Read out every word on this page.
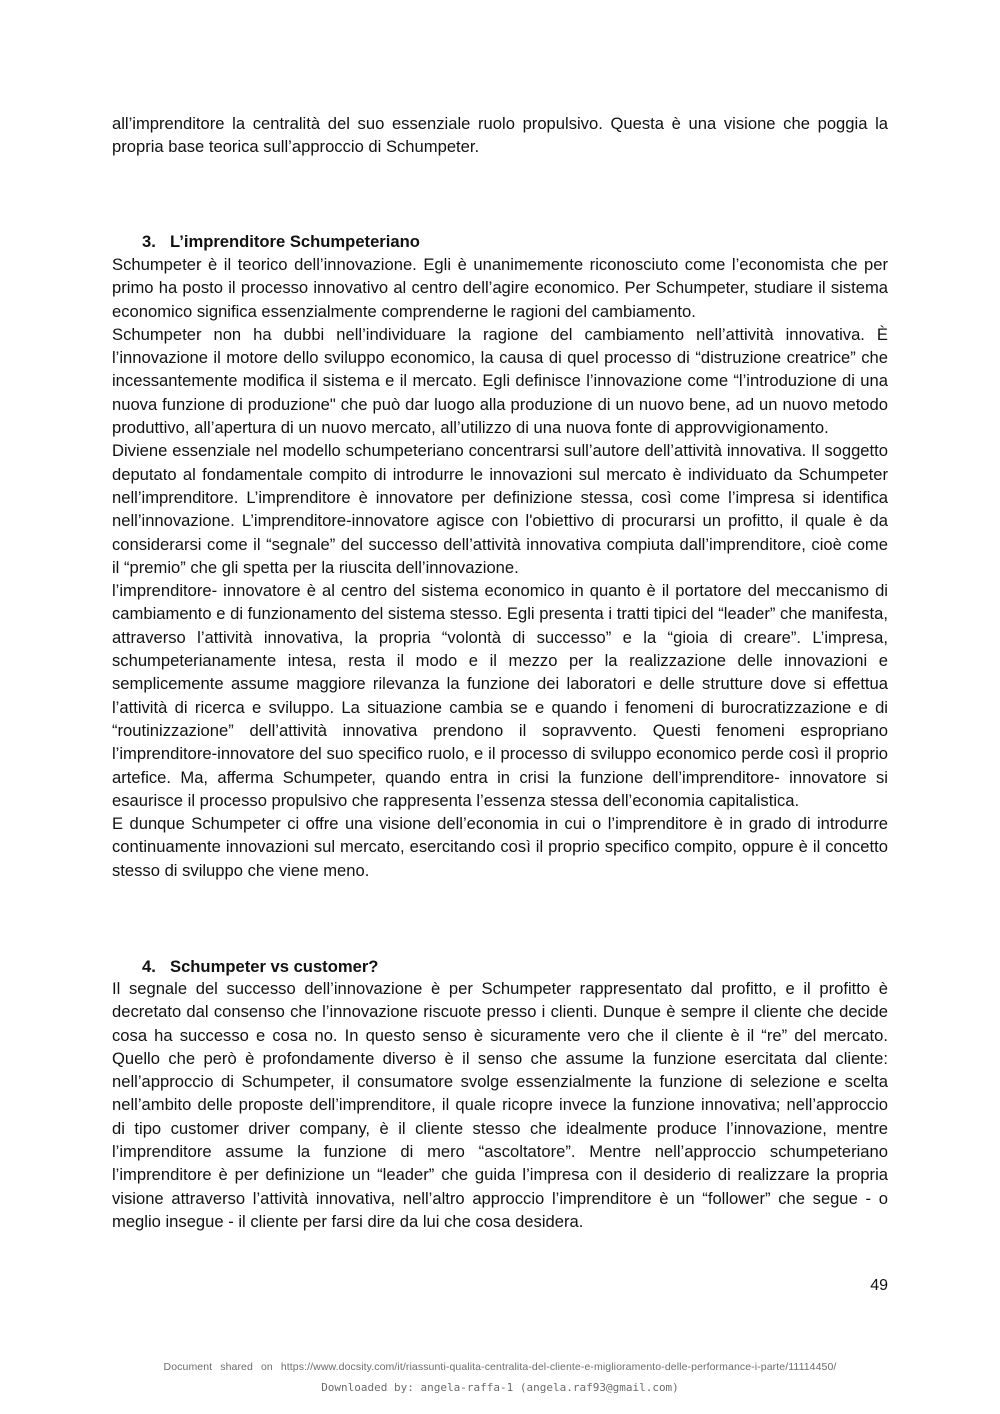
all’imprenditore la centralità del suo essenziale ruolo propulsivo. Questa è una visione che poggia la propria base teorica sull’approccio di Schumpeter.

3. L’imprenditore Schumpeteriano

Schumpeter è il teorico dell’innovazione. Egli è unanimemente riconosciuto come l’economista che per primo ha posto il processo innovativo al centro dell’agire economico. Per Schumpeter, studiare il sistema economico significa essenzialmente comprenderne le ragioni del cambiamento.

Schumpeter non ha dubbi nell’individuare la ragione del cambiamento nell’attività innovativa. È l’innovazione il motore dello sviluppo economico, la causa di quel processo di “distruzione creatrice” che incessantemente modifica il sistema e il mercato. Egli definisce l’innovazione come “l’introduzione di una nuova funzione di produzione" che può dar luogo alla produzione di un nuovo bene, ad un nuovo metodo produttivo, all’apertura di un nuovo mercato, all’utilizzo di una nuova fonte di approvvigionamento.

Diviene essenziale nel modello schumpeteriano concentrarsi sull’autore dell’attività innovativa. Il soggetto deputato al fondamentale compito di introdurre le innovazioni sul mercato è individuato da Schumpeter nell’imprenditore. L’imprenditore è innovatore per definizione stessa, così come l’impresa si identifica nell’innovazione. L’imprenditore-innovatore agisce con l'obiettivo di procurarsi un profitto, il quale è da considerarsi come il “segnale” del successo dell’attività innovativa compiuta dall’imprenditore, cioè come il “premio” che gli spetta per la riuscita dell’innovazione.

l’imprenditore- innovatore è al centro del sistema economico in quanto è il portatore del meccanismo di cambiamento e di funzionamento del sistema stesso. Egli presenta i tratti tipici del “leader” che manifesta, attraverso l’attività innovativa, la propria “volontà di successo” e la “gioia di creare”. L’impresa, schumpeterianamente intesa, resta il modo e il mezzo per la realizzazione delle innovazioni e semplicemente assume maggiore rilevanza la funzione dei laboratori e delle strutture dove si effettua l’attività di ricerca e sviluppo. La situazione cambia se e quando i fenomeni di burocratizzazione e di “routinizzazione” dell’attività innovativa prendono il sopravvento. Questi fenomeni espropriano l’imprenditore-innovatore del suo specifico ruolo, e il processo di sviluppo economico perde così il proprio artefice. Ma, afferma Schumpeter, quando entra in crisi la funzione dell’imprenditore- innovatore si esaurisce il processo propulsivo che rappresenta l’essenza stessa dell’economia capitalistica.

E dunque Schumpeter ci offre una visione dell’economia in cui o l’imprenditore è in grado di introdurre continuamente innovazioni sul mercato, esercitando così il proprio specifico compito, oppure è il concetto stesso di sviluppo che viene meno.

4. Schumpeter vs customer?

Il segnale del successo dell’innovazione è per Schumpeter rappresentato dal profitto, e il profitto è decretato dal consenso che l’innovazione riscuote presso i clienti. Dunque è sempre il cliente che decide cosa ha successo e cosa no. In questo senso è sicuramente vero che il cliente è il “re” del mercato. Quello che però è profondamente diverso è il senso che assume la funzione esercitata dal cliente: nell’approccio di Schumpeter, il consumatore svolge essenzialmente la funzione di selezione e scelta nell’ambito delle proposte dell’imprenditore, il quale ricopre invece la funzione innovativa; nell’approccio di tipo customer driver company, è il cliente stesso che idealmente produce l’innovazione, mentre l’imprenditore assume la funzione di mero “ascoltatore”. Mentre nell’approccio schumpeteriano l’imprenditore è per definizione un “leader” che guida l’impresa con il desiderio di realizzare la propria visione attraverso l’attività innovativa, nell’altro approccio l’imprenditore è un “follower” che segue - o meglio insegue - il cliente per farsi dire da lui che cosa desidera.

49
Document shared on https://www.docsity.com/it/riassunti-qualita-centralita-del-cliente-e-miglioramento-delle-performance-i-parte/11114450/
Downloaded by: angela-raffa-1 (angela.raf93@gmail.com)
